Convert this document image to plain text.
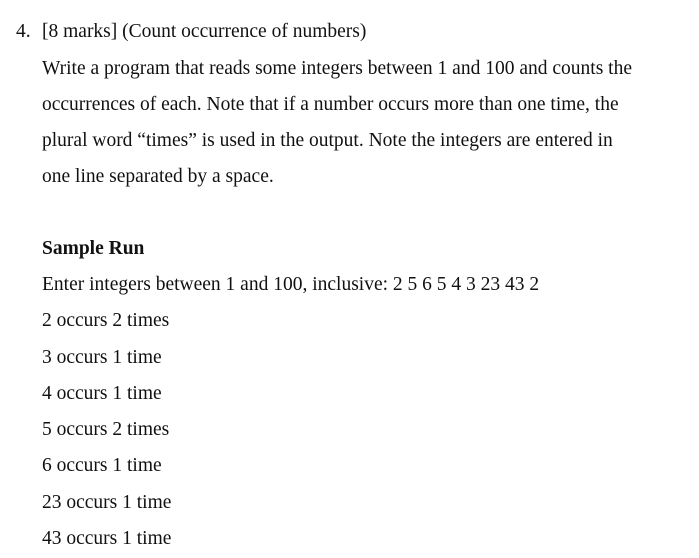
4. [8 marks] (Count occurrence of numbers)
Write a program that reads some integers between 1 and 100 and counts the
occurrences of each. Note that if a number occurs more than one time, the
plural word “times” is used in the output. Note the integers are entered in
one line separated by a space.
Sample Run
Enter integers between 1 and 100, inclusive: 2 5 6 5 4 3 23 43 2
2 occurs 2 times
3 occurs 1 time
4 occurs 1 time
5 occurs 2 times
6 occurs 1 time
23 occurs 1 time
43 occurs 1 time
